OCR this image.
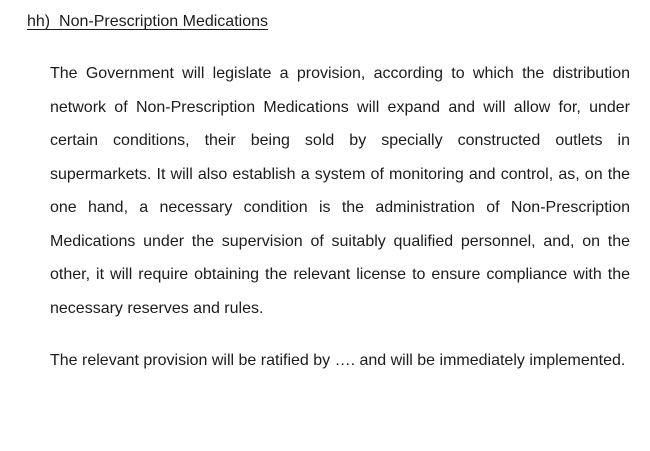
hh)  Non-Prescription Medications

The Government will legislate a provision, according to which the distribution network of Non-Prescription Medications will expand and will allow for, under certain conditions, their being sold by specially constructed outlets in supermarkets. It will also establish a system of monitoring and control, as, on the one hand, a necessary condition is the administration of Non-Prescription Medications under the supervision of suitably qualified personnel, and, on the other, it will require obtaining the relevant license to ensure compliance with the necessary reserves and rules.

The relevant provision will be ratified by …. and will be immediately implemented.
